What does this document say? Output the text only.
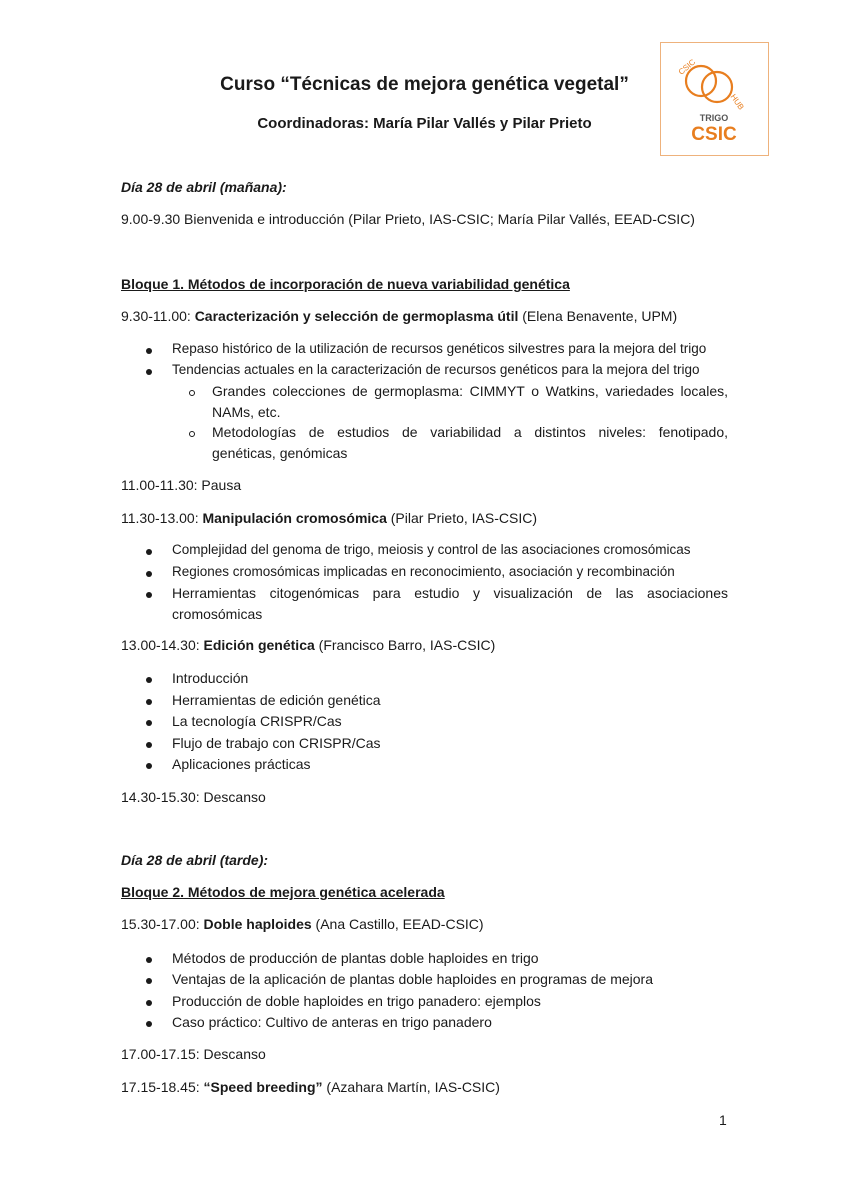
Curso “Técnicas de mejora genética vegetal”
Coordinadoras: María Pilar Vallés y Pilar Prieto
CSIC
HUB
TRIGO
CSIC
Día 28 de abril (mañana):
9.00-9.30 Bienvenida e introducción (Pilar Prieto, IAS-CSIC; María Pilar Vallés, EEAD-CSIC)
Bloque 1. Métodos de incorporación de nueva variabilidad genética
9.30-11.00: Caracterización y selección de germoplasma útil (Elena Benavente, UPM)
Repaso histórico de la utilización de recursos genéticos silvestres para la mejora del trigo
Tendencias actuales en la caracterización de recursos genéticos para la mejora del trigo
Grandes colecciones de germoplasma: CIMMYT o Watkins, variedades locales,
NAMs, etc.
Metodologías de estudios de variabilidad a distintos niveles: fenotipado,
genéticas, genómicas
11.00-11.30: Pausa
11.30-13.00: Manipulación cromosómica (Pilar Prieto, IAS-CSIC)
Complejidad del genoma de trigo, meiosis y control de las asociaciones cromosómicas
Regiones cromosómicas implicadas en reconocimiento, asociación y recombinación
Herramientas citogenómicas para estudio y visualización de las asociaciones
cromosómicas
13.00-14.30: Edición genética (Francisco Barro, IAS-CSIC)
Introducción
Herramientas de edición genética
La tecnología CRISPR/Cas
Flujo de trabajo con CRISPR/Cas
Aplicaciones prácticas
14.30-15.30: Descanso
Día 28 de abril (tarde):
Bloque 2. Métodos de mejora genética acelerada
15.30-17.00: Doble haploides (Ana Castillo, EEAD-CSIC)
Métodos de producción de plantas doble haploides en trigo
Ventajas de la aplicación de plantas doble haploides en programas de mejora
Producción de doble haploides en trigo panadero: ejemplos
Caso práctico: Cultivo de anteras en trigo panadero
17.00-17.15: Descanso
17.15-18.45: “Speed breeding” (Azahara Martín, IAS-CSIC)
1
